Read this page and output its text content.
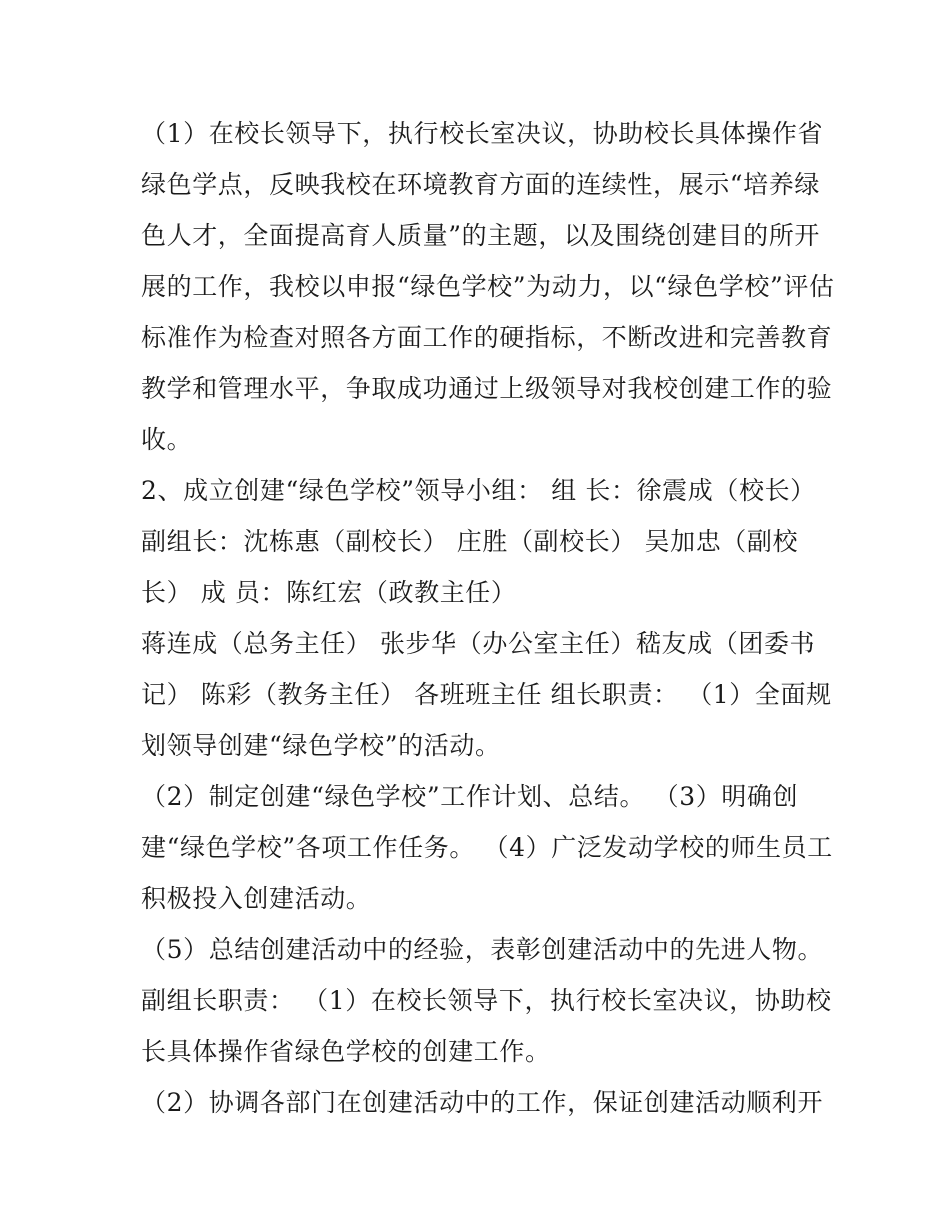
（1）在校长领导下，执行校长室决议，协助校长具体操作省
绿色学点，反映我校在环境教育方面的连续性，展示“培养绿
色人才，全面提高育人质量”的主题，以及围绕创建目的所开
展的工作，我校以申报“绿色学校”为动力，以“绿色学校”评估
标准作为检查对照各方面工作的硬指标，不断改进和完善教育
教学和管理水平，争取成功通过上级领导对我校创建工作的验
收。
2、成立创建“绿色学校”领导小组： 组 长：徐震成（校长）
副组长：沈栋惠（副校长） 庄胜（副校长） 吴加忠（副校
长） 成 员：陈红宏（政教主任）
蒋连成（总务主任） 张步华（办公室主任）嵇友成（团委书
记） 陈彩（教务主任） 各班班主任 组长职责： （1）全面规
划领导创建“绿色学校”的活动。
（2）制定创建“绿色学校”工作计划、总结。 （3）明确创
建“绿色学校”各项工作任务。 （4）广泛发动学校的师生员工
积极投入创建活动。
（5）总结创建活动中的经验，表彰创建活动中的先进人物。
副组长职责： （1）在校长领导下，执行校长室决议，协助校
长具体操作省绿色学校的创建工作。
（2）协调各部门在创建活动中的工作，保证创建活动顺利开
